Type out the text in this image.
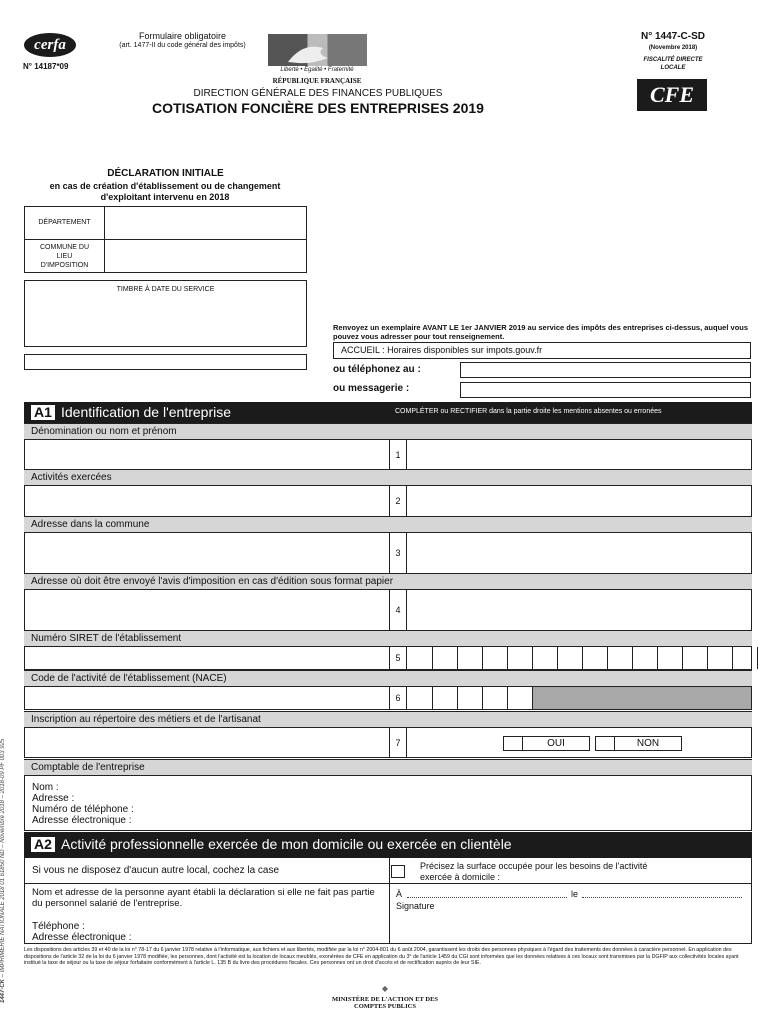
cerfa
N° 14187*09
Formulaire obligatoire
(art. 1477-II du code général des impôts)
Liberté • Égalité • Fraternité
RÉPUBLIQUE FRANÇAISE
DIRECTION GÉNÉRALE DES FINANCES PUBLIQUES
COTISATION FONCIÈRE DES ENTREPRISES 2019
N° 1447-C-SD
(Novembre 2018)
FISCALITÉ DIRECTE LOCALE
CFE
DÉCLARATION INITIALE
en cas de création d'établissement ou de changement d'exploitant intervenu en 2018
DÉPARTEMENT
COMMUNE DU LIEU D'IMPOSITION
TIMBRE À DATE DU SERVICE
Renvoyez un exemplaire AVANT LE 1er JANVIER 2019 au service des impôts des entreprises ci-dessus, auquel vous pouvez vous adresser pour tout renseignement.
ACCUEIL : Horaires disponibles sur impots.gouv.fr
ou téléphonez au :
ou messagerie :
A1 Identification de l'entreprise	COMPLÉTER ou RECTIFIER dans la partie droite les mentions absentes ou erronées
Dénomination ou nom et prénom
1
Activités exercées
2
Adresse dans la commune
3
Adresse où doit être envoyé l'avis d'imposition en cas d'édition sous format papier
4
Numéro SIRET de l'établissement
5
Code de l'activité de l'établissement (NACE)
6
Inscription au répertoire des métiers et de l'artisanat
7	OUI	NON
Comptable de l'entreprise
Nom :
Adresse :
Numéro de téléphone :
Adresse électronique :
A2 Activité professionnelle exercée de mon domicile ou exercée en clientèle
Si vous ne disposez d'aucun autre local, cochez la case	Précisez la surface occupée pour les besoins de l'activité exercée à domicile :
Nom et adresse de la personne ayant établi la déclaration si elle ne fait pas partie du personnel salarié de l'entreprise.
Téléphone :
Adresse électronique :
À	le
Signature
Les dispositions des articles 39 et 40 de la loi n° 78-17 du 6 janvier 1978 relative à l'informatique, aux fichiers et aux libertés, modifiée par la loi n° 2004-801 du 6 août 2004, garantissent les droits des personnes physiques à l'égard des traitements des données à caractère personnel. En application des dispositions de l'article 32 de la loi du 6 janvier 1978 modifiée, les personnes, dont l'activité est la location de locaux meublés, exonérées de CFE en application du 3° de l'article 1459 du CGI sont informées que les données relatives à ces locaux sont transmises par la DGFIP aux collectivités locales ayant institué la taxe de séjour ou la taxe de séjour forfaitaire conformément à l'article L. 135 B du livre des procédures fiscales. Ces personnes ont un droit d'accès et de rectification auprès de leur SIE.
◆
MINISTÈRE DE L'ACTION ET DES COMPTES PUBLICS
1447-CK – IMPRIMERIE NATIONALE 2018 01 61850 ND – Novembre 2018 – 2018-09 PF 003 925
